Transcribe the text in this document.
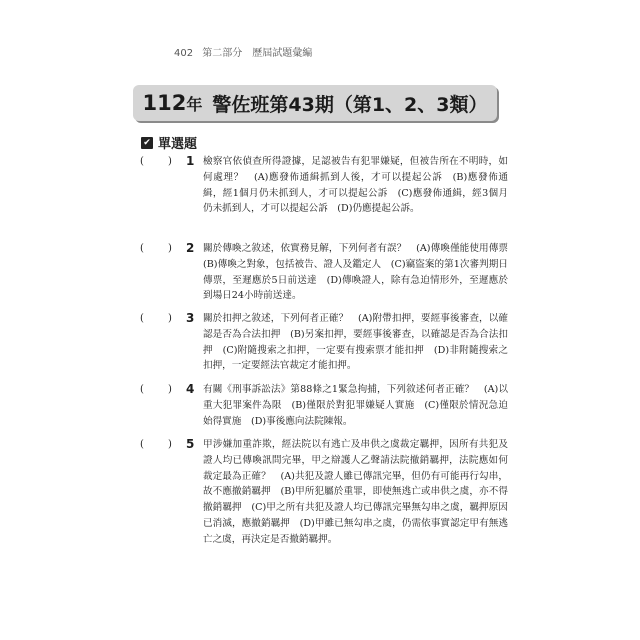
402 第二部分　歷屆試題彙編
112 年 警佐班第43期（第1、2、3類）
✔ 單選題
( ) 1 檢察官依偵查所得證據，足認被告有犯罪嫌疑，但被告所在不明時，如何處理？　(A)應發佈通緝抓到人後，才可以提起公訴　(B)應發佈通緝，經1個月仍未抓到人，才可以提起公訴　(C)應發佈通緝，經3個月仍未抓到人，才可以提起公訴　(D)仍應提起公訴。
( ) 2 關於傳喚之敘述，依實務見解，下列何者有誤？　(A)傳喚僅能使用傳票　(B)傳喚之對象，包括被告、證人及鑑定人　(C)竊盜案的第1次審判期日傳票，至遲應於5日前送達　(D)傳喚證人，除有急迫情形外，至遲應於到場日24小時前送達。
( ) 3 關於扣押之敘述，下列何者正確？　(A)附帶扣押，要經事後審查，以確認是否為合法扣押　(B)另案扣押，要經事後審查，以確認是否為合法扣押　(C)附隨搜索之扣押，一定要有搜索票才能扣押　(D)非附隨搜索之扣押，一定要經法官裁定才能扣押。
( ) 4 有關《刑事訴訟法》第88條之1緊急拘捕，下列敘述何者正確？　(A)以重大犯罪案件為限　(B)僅限於對犯罪嫌疑人實施　(C)僅限於情況急迫始得實施　(D)事後應向法院陳報。
( ) 5 甲涉嫌加重詐欺，經法院以有逃亡及串供之虞裁定羈押，因所有共犯及證人均已傳喚訊問完畢，甲之辯護人乙聲請法院撤銷羈押，法院應如何裁定最為正確？　(A)共犯及證人雖已傳訊完畢，但仍有可能再行勾串，故不應撤銷羈押　(B)甲所犯屬於重罪，即使無逃亡或串供之虞，亦不得撤銷羈押　(C)甲之所有共犯及證人均已傳訊完畢無勾串之虞，羈押原因已消滅，應撤銷羈押　(D)甲雖已無勾串之虞，仍需依事實認定甲有無逃亡之虞，再決定是否撤銷羈押。
